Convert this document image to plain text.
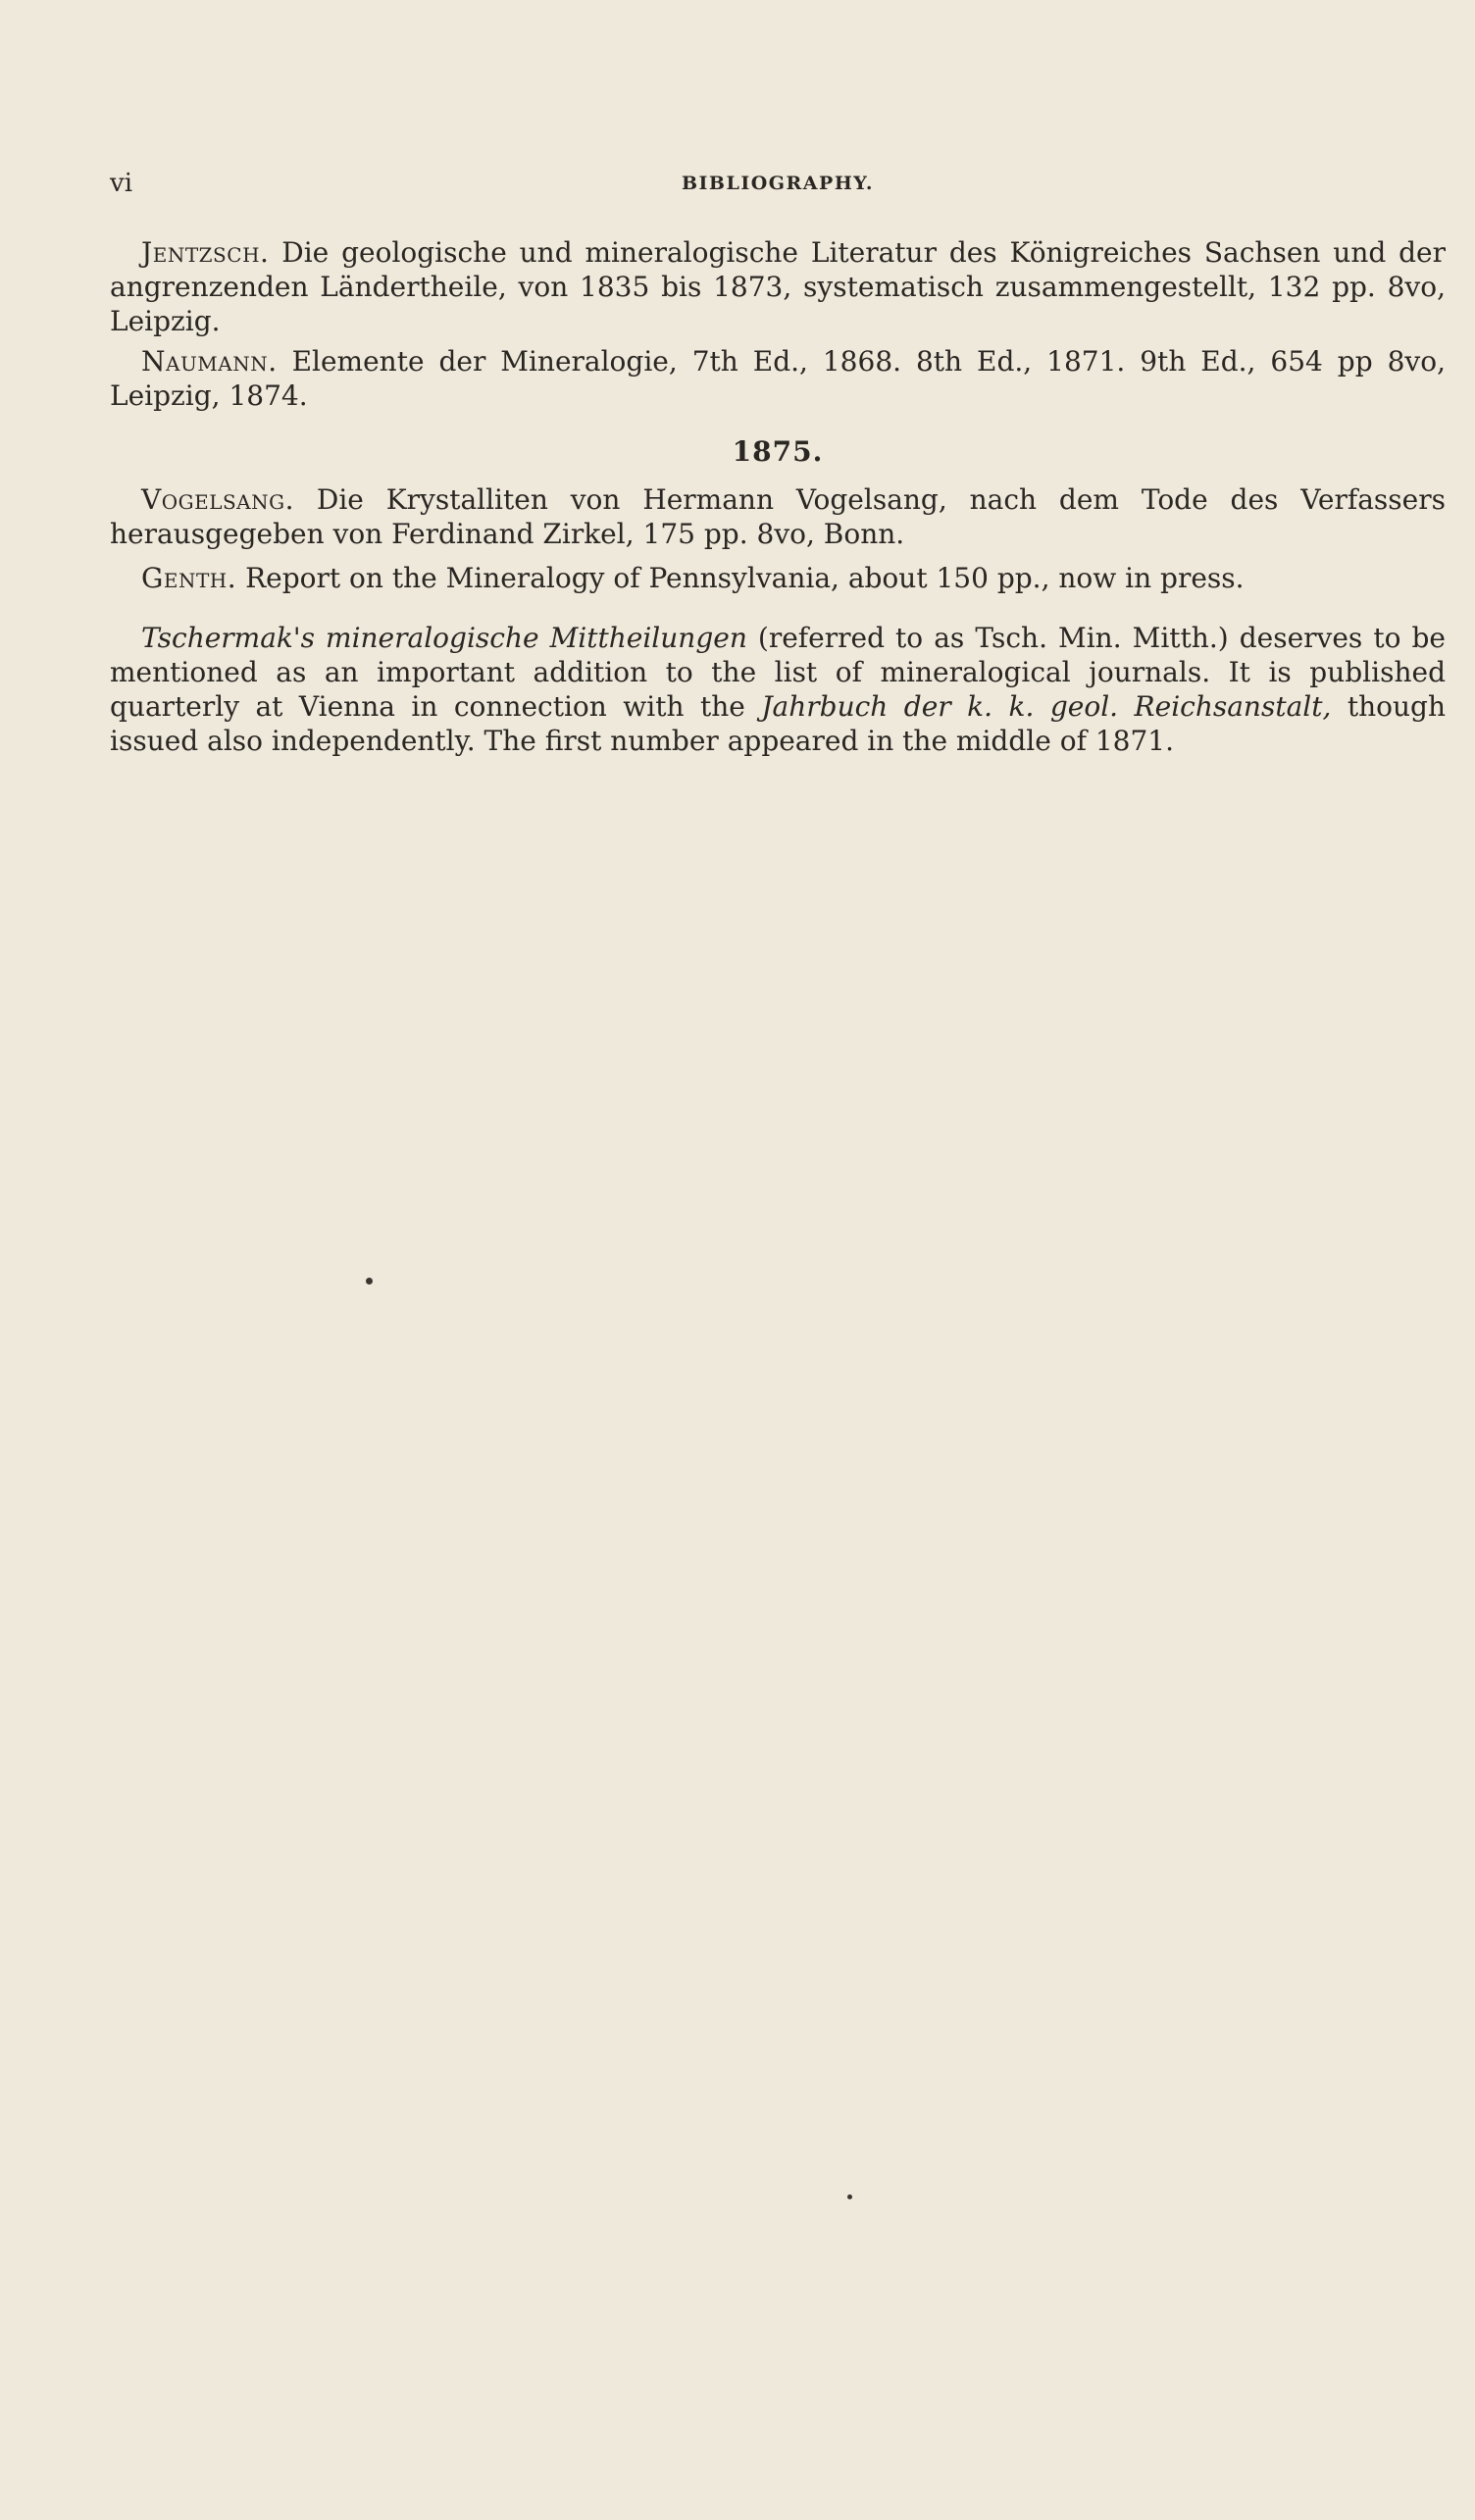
vi	BIBLIOGRAPHY.

Jentzsch. Die geologische und mineralogische Literatur des Königreiches Sachsen und der angrenzenden Ländertheile, von 1835 bis 1873, systematisch zusammengestellt, 132 pp. 8vo, Leipzig.

Naumann. Elemente der Mineralogie, 7th Ed., 1868. 8th Ed., 1871. 9th Ed., 654 pp 8vo, Leipzig, 1874.

1875.

Vogelsang. Die Krystalliten von Hermann Vogelsang, nach dem Tode des Verfassers herausgegeben von Ferdinand Zirkel, 175 pp. 8vo, Bonn.

Genth. Report on the Mineralogy of Pennsylvania, about 150 pp., now in press.

Tschermak's mineralogische Mittheilungen (referred to as Tsch. Min. Mitth.) deserves to be mentioned as an important addition to the list of mineralogical journals. It is published quarterly at Vienna in connection with the Jahrbuch der k. k. geol. Reichsanstalt, though issued also independently. The first number appeared in the middle of 1871.
